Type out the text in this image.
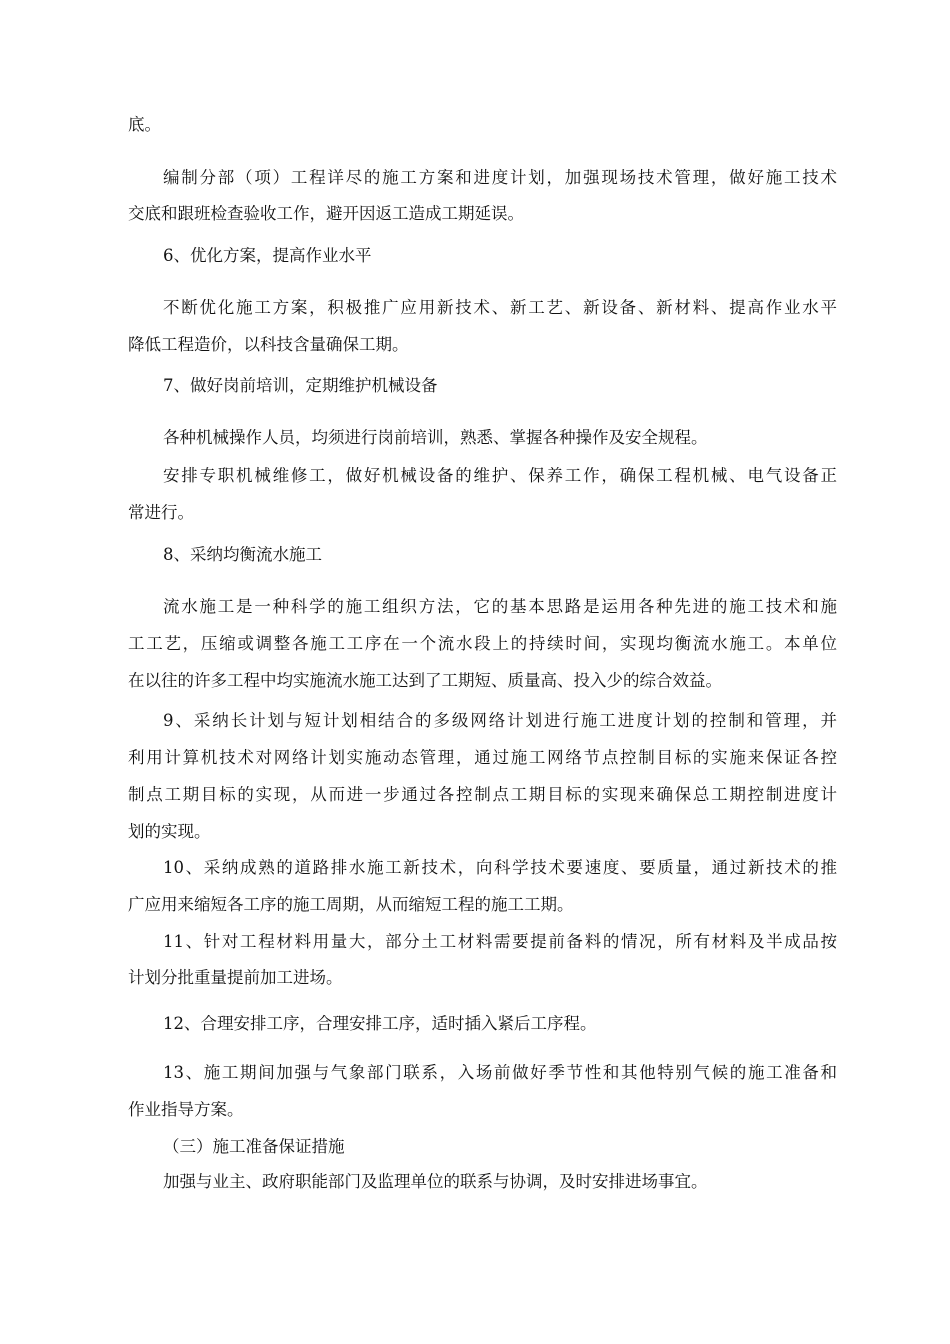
底。
编制分部（项）工程详尽的施工方案和进度计划，加强现场技术管理，做好施工技术
交底和跟班检查验收工作，避开因返工造成工期延误。
6、优化方案，提高作业水平
不断优化施工方案，积极推广应用新技术、新工艺、新设备、新材料、提高作业水平
降低工程造价，以科技含量确保工期。
7、做好岗前培训，定期维护机械设备
各种机械操作人员，均须进行岗前培训，熟悉、掌握各种操作及安全规程。
安排专职机械维修工，做好机械设备的维护、保养工作，确保工程机械、电气设备正
常进行。
8、采纳均衡流水施工
流水施工是一种科学的施工组织方法，它的基本思路是运用各种先进的施工技术和施
工工艺，压缩或调整各施工工序在一个流水段上的持续时间，实现均衡流水施工。本单位
在以往的许多工程中均实施流水施工达到了工期短、质量高、投入少的综合效益。
9、采纳长计划与短计划相结合的多级网络计划进行施工进度计划的控制和管理，并
利用计算机技术对网络计划实施动态管理，通过施工网络节点控制目标的实施来保证各控
制点工期目标的实现，从而进一步通过各控制点工期目标的实现来确保总工期控制进度计
划的实现。
10、采纳成熟的道路排水施工新技术，向科学技术要速度、要质量，通过新技术的推
广应用来缩短各工序的施工周期，从而缩短工程的施工工期。
11、针对工程材料用量大，部分土工材料需要提前备料的情况，所有材料及半成品按
计划分批重量提前加工进场。
12、合理安排工序，合理安排工序，适时插入紧后工序程。
13、施工期间加强与气象部门联系，入场前做好季节性和其他特别气候的施工准备和
作业指导方案。
（三）施工准备保证措施
加强与业主、政府职能部门及监理单位的联系与协调，及时安排进场事宜。
